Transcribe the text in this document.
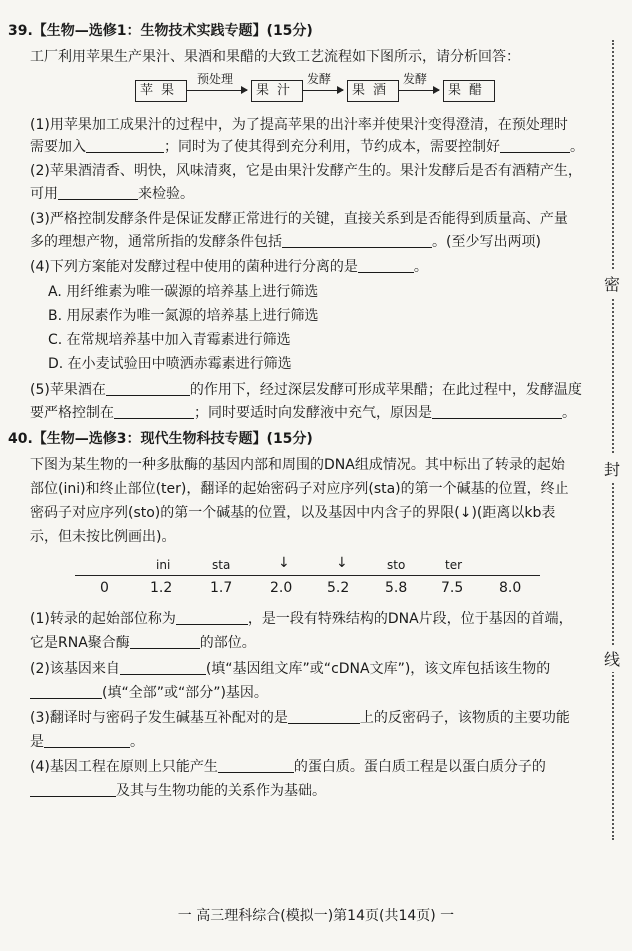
39.【生物—选修1：生物技术实践专题】(15分)
工厂利用苹果生产果汁、果酒和果醋的大致工艺流程如下图所示，请分析回答：
苹果
预处理
果汁
发酵
果酒
发酵
果醋
(1)用苹果加工成果汁的过程中，为了提高苹果的出汁率并使果汁变得澄清，在预处理时
需要加入	；同时为了使其得到充分利用，节约成本，需要控制好	。
(2)苹果酒清香、明快，风味清爽，它是由果汁发酵产生的。果汁发酵后是否有酒精产生，
可用	来检验。
(3)严格控制发酵条件是保证发酵正常进行的关键，直接关系到是否能得到质量高、产量
多的理想产物，通常所指的发酵条件包括	。(至少写出两项)
(4)下列方案能对发酵过程中使用的菌种进行分离的是	。
A. 用纤维素为唯一碳源的培养基上进行筛选
B. 用尿素作为唯一氮源的培养基上进行筛选
C. 在常规培养基中加入青霉素进行筛选
D. 在小麦试验田中喷洒赤霉素进行筛选
(5)苹果酒在	的作用下，经过深层发酵可形成苹果醋；在此过程中，发酵温度
要严格控制在	；同时要适时向发酵液中充气，原因是	。
40.【生物—选修3：现代生物科技专题】(15分)
下图为某生物的一种多肽酶的基因内部和周围的DNA组成情况。其中标出了转录的起始
部位(ini)和终止部位(ter)，翻译的起始密码子对应序列(sta)的第一个碱基的位置，终止
密码子对应序列(sto)的第一个碱基的位置，以及基因中内含子的界限(↓)(距离以kb表
示，但未按比例画出)。
ini	sta	↓	↓	sto	ter
0	1.2	1.7	2.0 5.2	5.8 7.5	8.0
(1)转录的起始部位称为	，是一段有特殊结构的DNA片段，位于基因的首端，
它是RNA聚合酶	的部位。
(2)该基因来自	(填“基因组文库”或“cDNA文库”)，该文库包括该生物的
(填“全部”或“部分”)基因。
(3)翻译时与密码子发生碱基互补配对的是	上的反密码子，该物质的主要功能
是	。
(4)基因工程在原则上只能产生	的蛋白质。蛋白质工程是以蛋白质分子的
及其与生物功能的关系作为基础。
密
封
线
一 高三理科综合(模拟一)第14页(共14页) 一
